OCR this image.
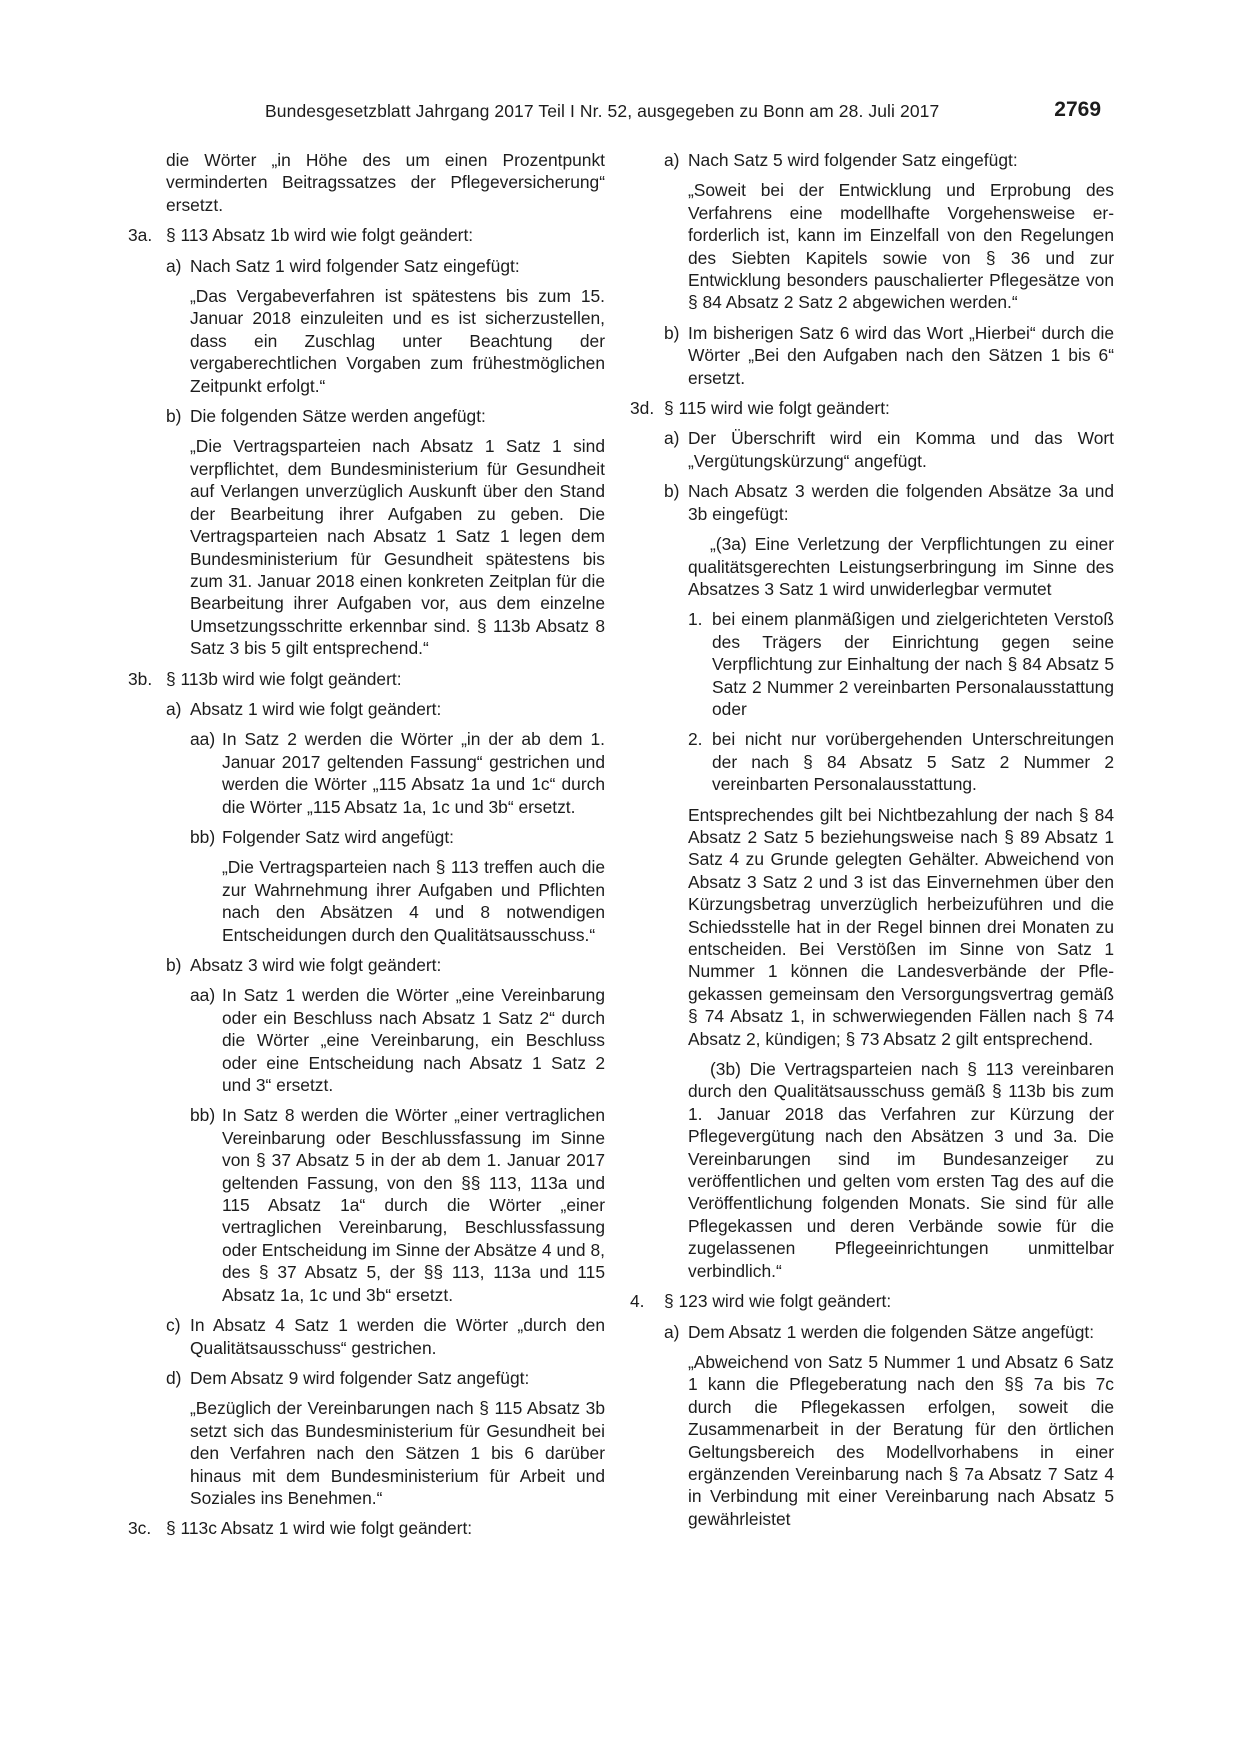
Bundesgesetzblatt Jahrgang 2017 Teil I Nr. 52, ausgegeben zu Bonn am 28. Juli 2017	2769

die Wörter „in Höhe des um einen Prozentpunkt verminderten Beitragssatzes der Pflegeversicherung“ ersetzt.

3a. § 113 Absatz 1b wird wie folgt geändert:

a) Nach Satz 1 wird folgender Satz eingefügt:

„Das Vergabeverfahren ist spätestens bis zum 15. Januar 2018 einzuleiten und es ist sicherzustellen, dass ein Zuschlag unter Beachtung der vergaberechtlichen Vorgaben zum frühestmöglichen Zeitpunkt erfolgt.“

b) Die folgenden Sätze werden angefügt:

„Die Vertragsparteien nach Absatz 1 Satz 1 sind verpflichtet, dem Bundesministerium für Gesundheit auf Verlangen unverzüglich Auskunft über den Stand der Bearbeitung ihrer Aufgaben zu geben. Die Vertragsparteien nach Absatz 1 Satz 1 legen dem Bundesministerium für Gesundheit spätestens bis zum 31. Januar 2018 einen konkreten Zeitplan für die Bearbeitung ihrer Aufgaben vor, aus dem einzelne Umsetzungsschritte erkennbar sind. § 113b Absatz 8 Satz 3 bis 5 gilt entsprechend.“

3b. § 113b wird wie folgt geändert:

a) Absatz 1 wird wie folgt geändert:

aa) In Satz 2 werden die Wörter „in der ab dem 1. Januar 2017 geltenden Fassung“ gestrichen und werden die Wörter „115 Absatz 1a und 1c“ durch die Wörter „115 Absatz 1a, 1c und 3b“ ersetzt.

bb) Folgender Satz wird angefügt:

„Die Vertragsparteien nach § 113 treffen auch die zur Wahrnehmung ihrer Aufgaben und Pflichten nach den Absätzen 4 und 8 notwendigen Entscheidungen durch den Qualitätsausschuss.“

b) Absatz 3 wird wie folgt geändert:

aa) In Satz 1 werden die Wörter „eine Vereinbarung oder ein Beschluss nach Absatz 1 Satz 2“ durch die Wörter „eine Vereinbarung, ein Beschluss oder eine Entscheidung nach Absatz 1 Satz 2 und 3“ ersetzt.

bb) In Satz 8 werden die Wörter „einer vertraglichen Vereinbarung oder Beschlussfassung im Sinne von § 37 Absatz 5 in der ab dem 1. Januar 2017 geltenden Fassung, von den §§ 113, 113a und 115 Absatz 1a“ durch die Wörter „einer vertraglichen Vereinbarung, Beschlussfassung oder Entscheidung im Sinne der Absätze 4 und 8, des § 37 Absatz 5, der §§ 113, 113a und 115 Absatz 1a, 1c und 3b“ ersetzt.

c) In Absatz 4 Satz 1 werden die Wörter „durch den Qualitätsausschuss“ gestrichen.

d) Dem Absatz 9 wird folgender Satz angefügt:

„Bezüglich der Vereinbarungen nach § 115 Absatz 3b setzt sich das Bundesministerium für Gesundheit bei den Verfahren nach den Sätzen 1 bis 6 darüber hinaus mit dem Bundesministerium für Arbeit und Soziales ins Benehmen.“

3c. § 113c Absatz 1 wird wie folgt geändert:

a) Nach Satz 5 wird folgender Satz eingefügt:

„Soweit bei der Entwicklung und Erprobung des Verfahrens eine modellhafte Vorgehensweise erforderlich ist, kann im Einzelfall von den Regelungen des Siebten Kapitels sowie von § 36 und zur Entwicklung besonders pauschalierter Pflegesätze von § 84 Absatz 2 Satz 2 abgewichen werden.“

b) Im bisherigen Satz 6 wird das Wort „Hierbei“ durch die Wörter „Bei den Aufgaben nach den Sätzen 1 bis 6“ ersetzt.

3d. § 115 wird wie folgt geändert:

a) Der Überschrift wird ein Komma und das Wort „Vergütungskürzung“ angefügt.

b) Nach Absatz 3 werden die folgenden Absätze 3a und 3b eingefügt:

„(3a) Eine Verletzung der Verpflichtungen zu einer qualitätsgerechten Leistungserbringung im Sinne des Absatzes 3 Satz 1 wird unwiderlegbar vermutet

1. bei einem planmäßigen und zielgerichteten Verstoß des Trägers der Einrichtung gegen seine Verpflichtung zur Einhaltung der nach § 84 Absatz 5 Satz 2 Nummer 2 vereinbarten Personalausstattung oder

2. bei nicht nur vorübergehenden Unterschreitungen der nach § 84 Absatz 5 Satz 2 Nummer 2 vereinbarten Personalausstattung.

Entsprechendes gilt bei Nichtbezahlung der nach § 84 Absatz 2 Satz 5 beziehungsweise nach § 89 Absatz 1 Satz 4 zu Grunde gelegten Gehälter. Abweichend von Absatz 3 Satz 2 und 3 ist das Einvernehmen über den Kürzungsbetrag unverzüglich herbeizuführen und die Schiedsstelle hat in der Regel binnen drei Monaten zu entscheiden. Bei Verstößen im Sinne von Satz 1 Nummer 1 können die Landesverbände der Pflegekassen gemeinsam den Versorgungsvertrag gemäß § 74 Absatz 1, in schwerwiegenden Fällen nach § 74 Absatz 2, kündigen; § 73 Absatz 2 gilt entsprechend.

(3b) Die Vertragsparteien nach § 113 vereinbaren durch den Qualitätsausschuss gemäß § 113b bis zum 1. Januar 2018 das Verfahren zur Kürzung der Pflegevergütung nach den Absätzen 3 und 3a. Die Vereinbarungen sind im Bundesanzeiger zu veröffentlichen und gelten vom ersten Tag des auf die Veröffentlichung folgenden Monats. Sie sind für alle Pflegekassen und deren Verbände sowie für die zugelassenen Pflegeeinrichtungen unmittelbar verbindlich.“

4. § 123 wird wie folgt geändert:

a) Dem Absatz 1 werden die folgenden Sätze angefügt:

„Abweichend von Satz 5 Nummer 1 und Absatz 6 Satz 1 kann die Pflegeberatung nach den §§ 7a bis 7c durch die Pflegekassen erfolgen, soweit die Zusammenarbeit in der Beratung für den örtlichen Geltungsbereich des Modellvorhabens in einer ergänzenden Vereinbarung nach § 7a Absatz 7 Satz 4 in Verbindung mit einer Vereinbarung nach Absatz 5 gewährleistet
